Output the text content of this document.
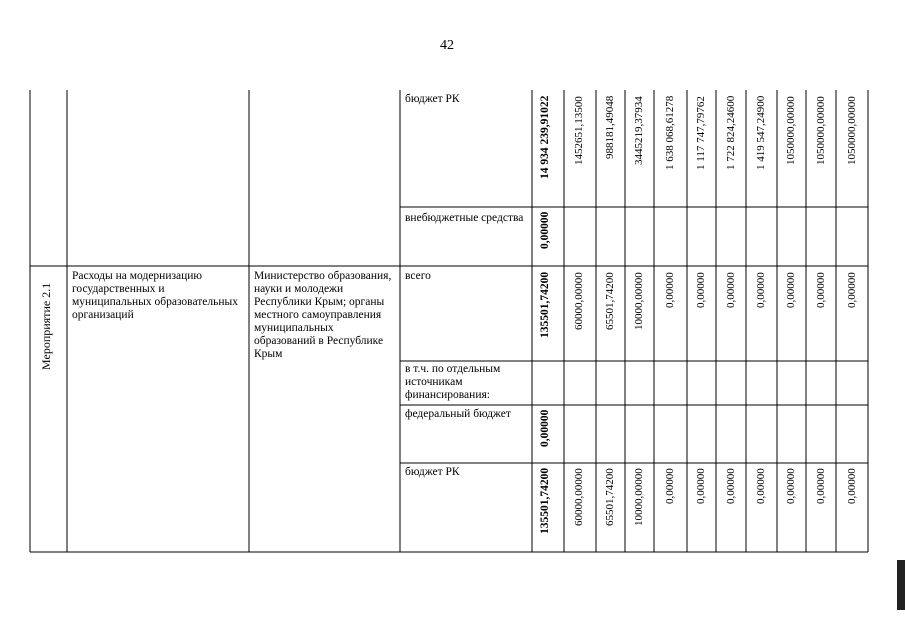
42
бюджет РК
внебюджетные средства
14 934 239,91022 1452651,13500 988181,49048 3445219,37934 1 638 068,61278 1 117 747,79762 1 722 824,24600 1 419 547,24900 1050000,00000 1050000,00000 1050000,00000
0,00000
Мероприятие 2.1
Расходы на модернизацию государственных и муниципальных образовательных организаций
Министерство образования, науки и молодежи Республики Крым; органы местного самоуправления муниципальных образований в Республике Крым
всего
в т.ч. по отдельным источникам финансирования:
федеральный бюджет
бюджет РК
135501,74200 60000,00000 65501,74200 10000,00000 0,00000 0,00000 0,00000 0,00000 0,00000 0,00000 0,00000
0,00000
135501,74200 60000,00000 65501,74200 10000,00000 0,00000 0,00000 0,00000 0,00000 0,00000 0,00000 0,00000
